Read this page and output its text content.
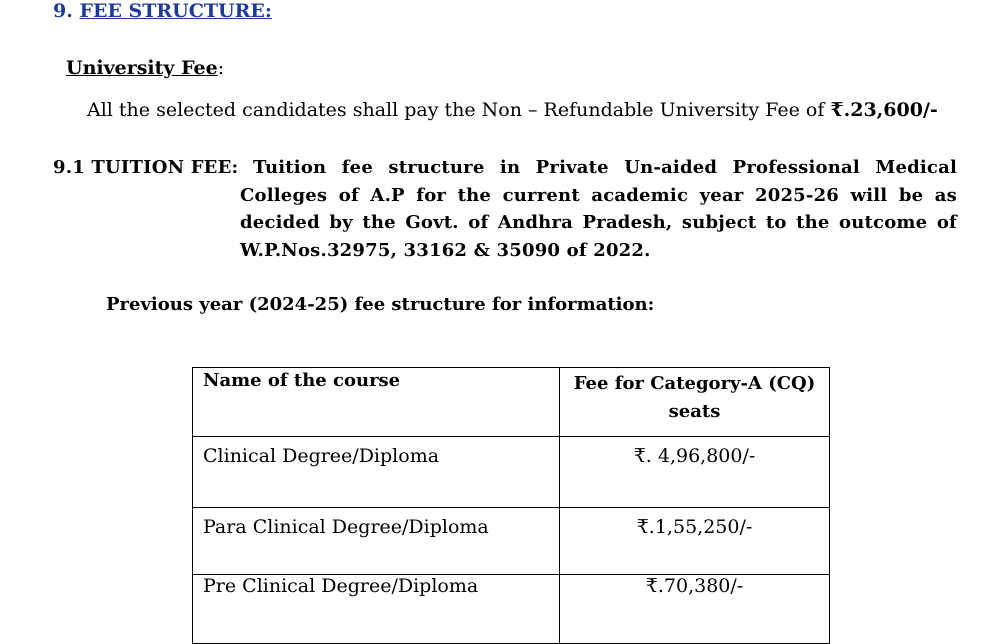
9. FEE STRUCTURE:
University Fee:
All the selected candidates shall pay the Non – Refundable University Fee of ₹.23,600/-
9.1 TUITION FEE: Tuition fee structure in Private Un-aided Professional Medical Colleges of A.P for the current academic year 2025-26 will be as decided by the Govt. of Andhra Pradesh, subject to the outcome of W.P.Nos.32975, 33162 & 35090 of 2022.
Previous year (2024-25) fee structure for information:
Name of the course	Fee for Category-A (CQ) seats
Clinical Degree/Diploma	₹. 4,96,800/-
Para Clinical Degree/Diploma	₹.1,55,250/-
Pre Clinical Degree/Diploma	₹.70,380/-
